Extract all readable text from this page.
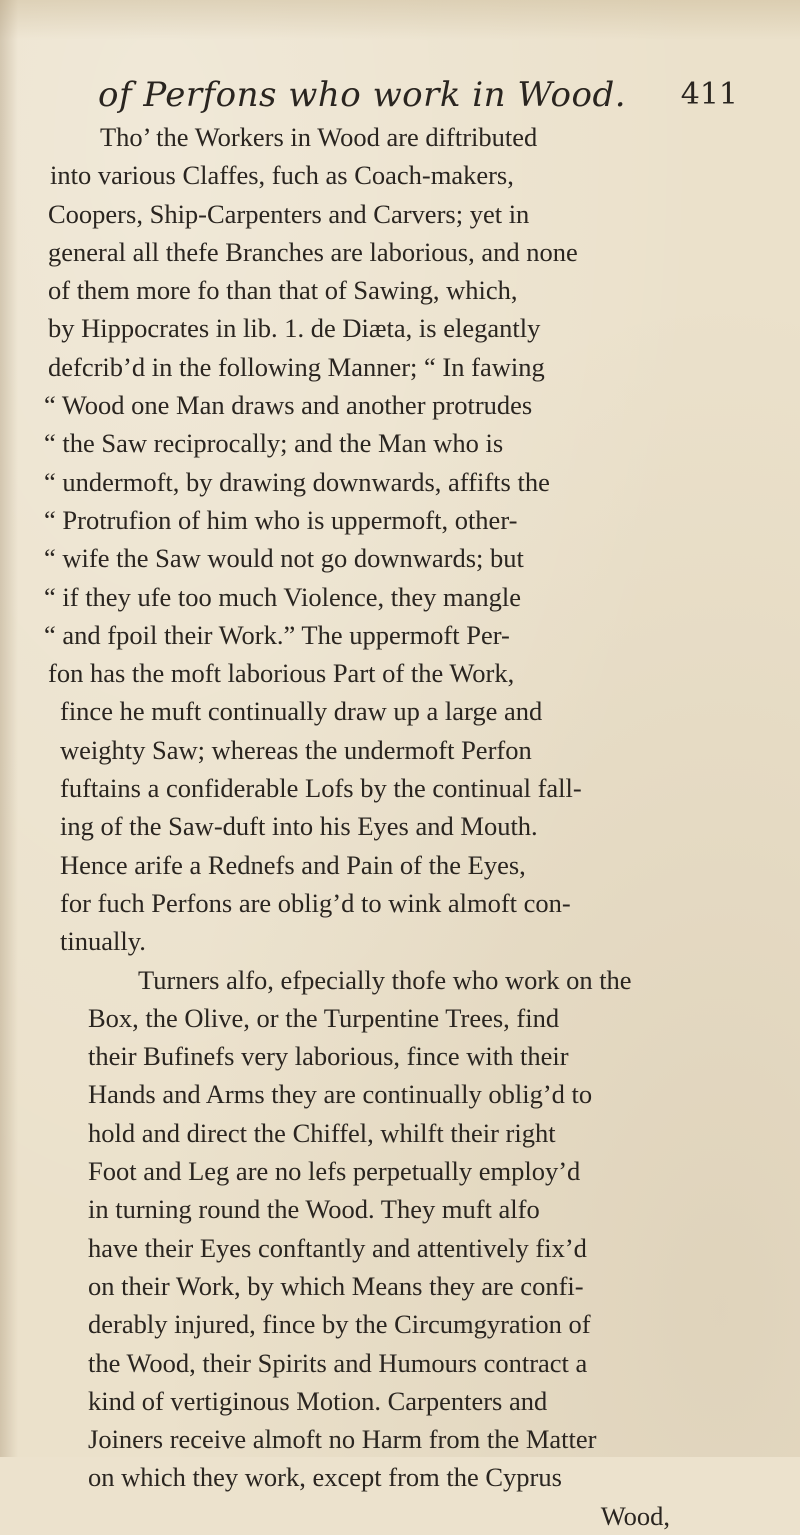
of Perfons who work in Wood. 411
Tho’ the Workers in Wood are diftributed
into various Claffes, fuch as Coach-makers,
Coopers, Ship-Carpenters and Carvers; yet in
general all thefe Branches are laborious, and none
of them more fo than that of Sawing, which,
by Hippocrates in lib. 1. de Diæta, is elegantly
defcrib’d in the following Manner; “ In fawing
“ Wood one Man draws and another protrudes
“ the Saw reciprocally; and the Man who is
“ undermoft, by drawing downwards, affifts the
“ Protrufion of him who is uppermoft, other-
“ wife the Saw would not go downwards; but
“ if they ufe too much Violence, they mangle
“ and fpoil their Work.” The uppermoft Per-
fon has the moft laborious Part of the Work,
fince he muft continually draw up a large and
weighty Saw; whereas the undermoft Perfon
fuftains a confiderable Lofs by the continual fall-
ing of the Saw-duft into his Eyes and Mouth.
Hence arife a Rednefs and Pain of the Eyes,
for fuch Perfons are oblig’d to wink almoft con-
tinually.
Turners alfo, efpecially thofe who work on the
Box, the Olive, or the Turpentine Trees, find
their Bufinefs very laborious, fince with their
Hands and Arms they are continually oblig’d to
hold and direct the Chiffel, whilft their right
Foot and Leg are no lefs perpetually employ’d
in turning round the Wood. They muft alfo
have their Eyes conftantly and attentively fix’d
on their Work, by which Means they are confi-
derably injured, fince by the Circumgyration of
the Wood, their Spirits and Humours contract a
kind of vertiginous Motion. Carpenters and
Joiners receive almoft no Harm from the Matter
on which they work, except from the Cyprus
Wood,
